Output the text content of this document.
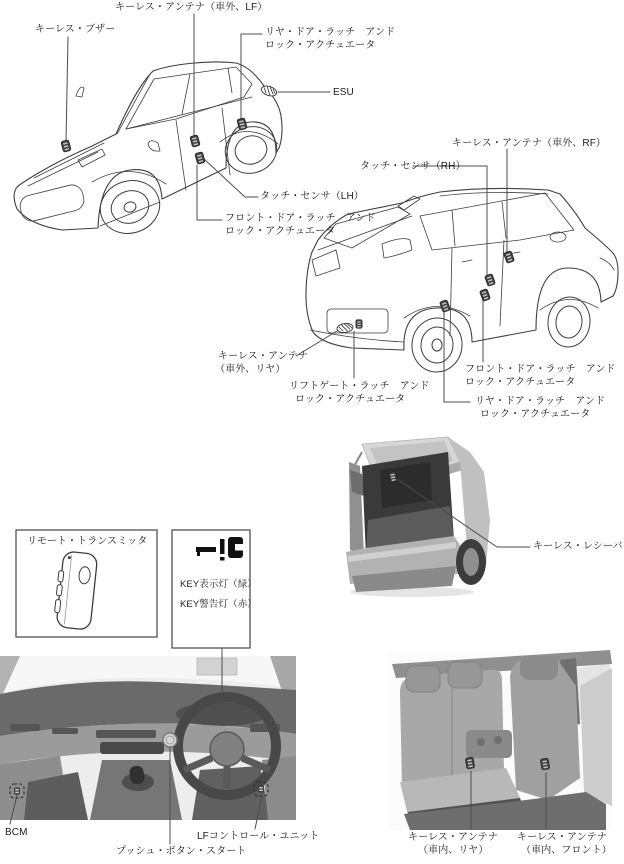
キーレス・アンテナ（車外、LF）
キーレス・ブザー	リヤ・ドア・ラッチ　アンド
ロック・アクチュエータ
ESU
タッチ・センサ（LH）
フロント・ドア・ラッチ　アンド
ロック・アクチュエータ
キーレス・アンテナ（車外、RF）
タッチ・センサ（RH）
キーレス・アンテナ
（車外、リヤ）
リフトゲート・ラッチ　アンド
ロック・アクチュエータ
フロント・ドア・ラッチ　アンド
ロック・アクチュエータ
リヤ・ドア・ラッチ　アンド
ロック・アクチュエータ
キーレス・レシーバ
リモート・トランスミッタ
KEY表示灯（緑）
KEY警告灯（赤）
BCM
プッシュ・ボタン・スタート
LFコントロール・ユニット	キーレス・アンテナ
（車内、リヤ）
キーレス・アンテナ
（車内、フロント）
